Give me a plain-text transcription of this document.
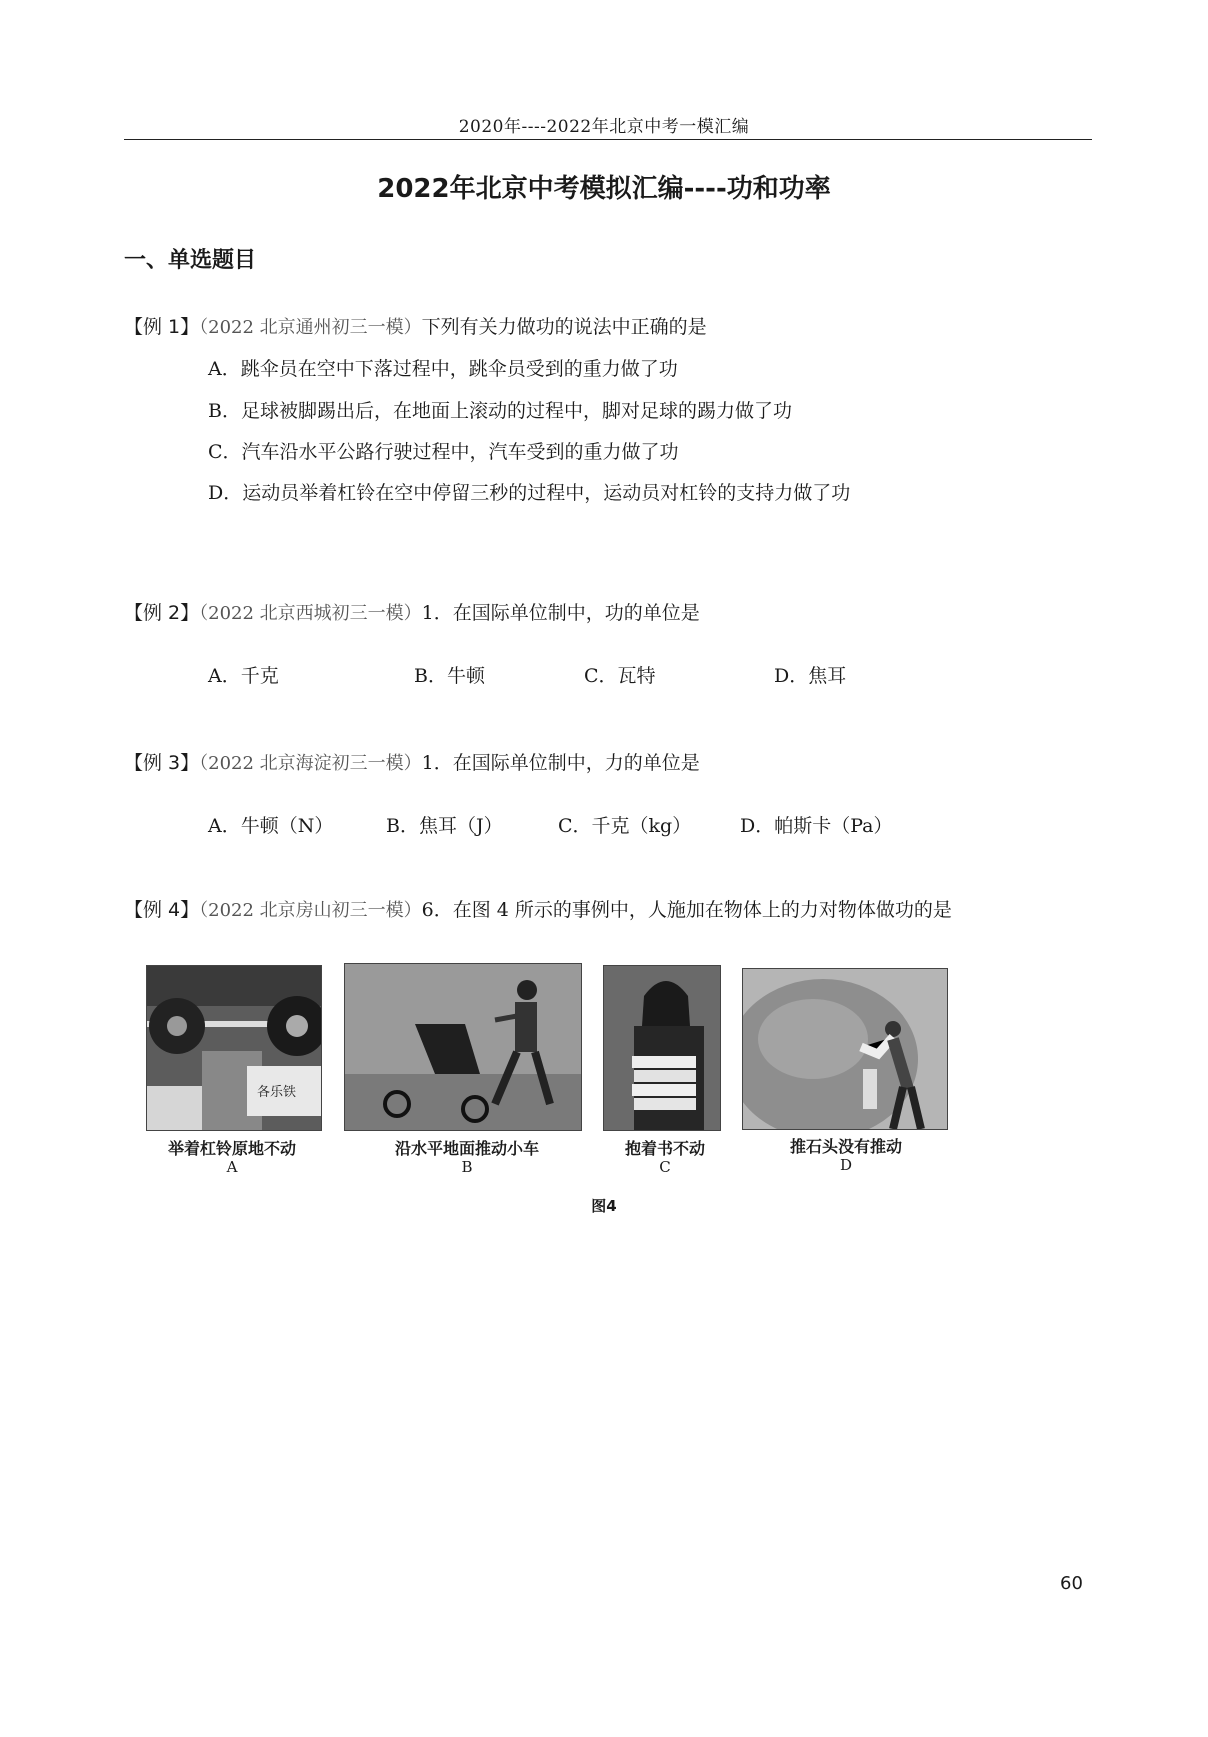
2020年----2022年北京中考一模汇编
2022年北京中考模拟汇编----功和功率
一、单选题目
【例 1】（2022 北京通州初三一模）下列有关力做功的说法中正确的是
A．跳伞员在空中下落过程中，跳伞员受到的重力做了功
B．足球被脚踢出后，在地面上滚动的过程中，脚对足球的踢力做了功
C．汽车沿水平公路行驶过程中，汽车受到的重力做了功
D．运动员举着杠铃在空中停留三秒的过程中，运动员对杠铃的支持力做了功
【例 2】（2022 北京西城初三一模）1．在国际单位制中，功的单位是
A．千克	B．牛顿	C．瓦特	D．焦耳
【例 3】（2022 北京海淀初三一模）1．在国际单位制中，力的单位是
A．牛顿（N）	B．焦耳（J）	C．千克（kg）	D．帕斯卡（Pa）
【例 4】（2022 北京房山初三一模）6．在图 4 所示的事例中，人施加在物体上的力对物体做功的是
各乐铁
举着杠铃原地不动
A
沿水平地面推动小车
B
抱着书不动
C
推石头没有推动
D
图4
60
